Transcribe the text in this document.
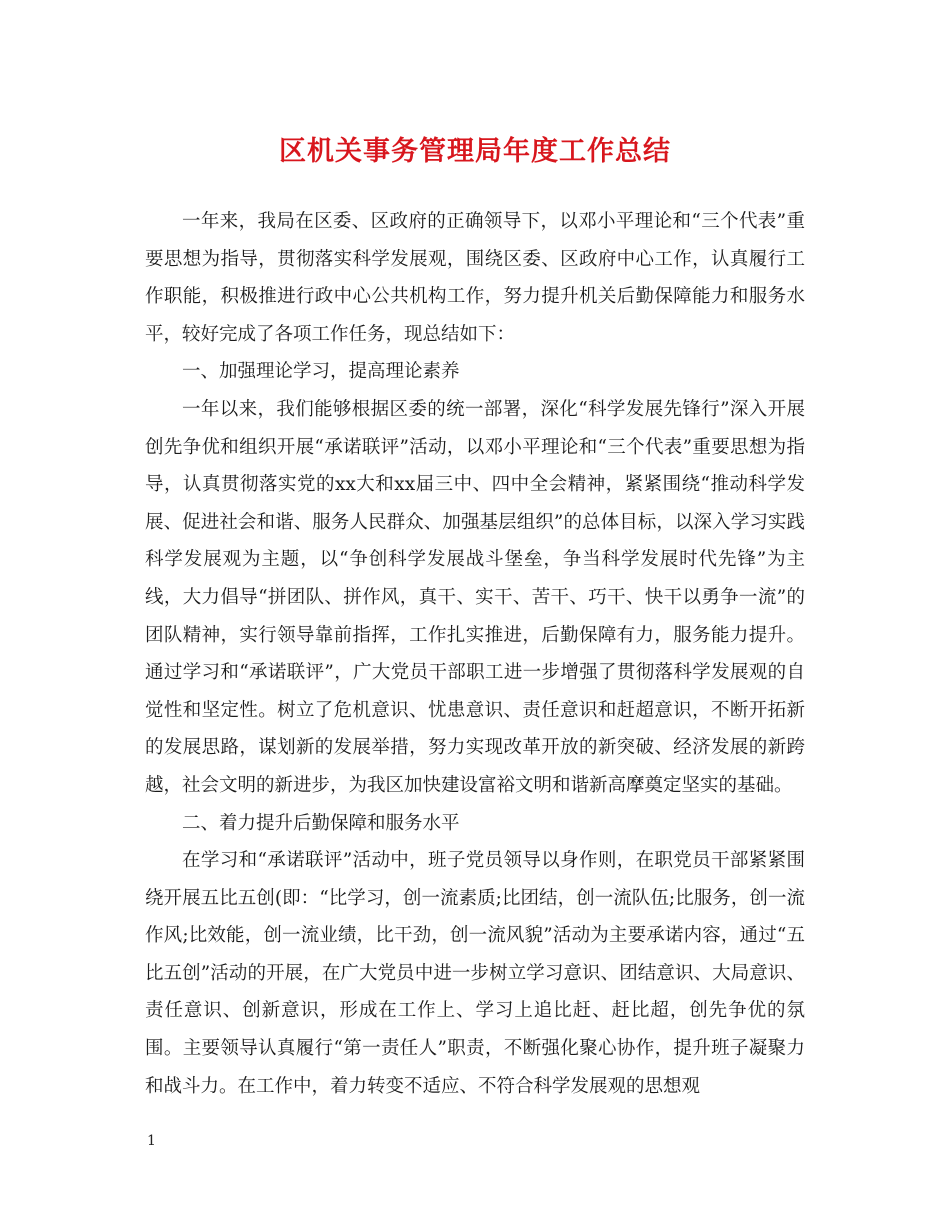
区机关事务管理局年度工作总结

一年来，我局在区委、区政府的正确领导下，以邓小平理论和“三个代表”重要思想为指导，贯彻落实科学发展观，围绕区委、区政府中心工作，认真履行工作职能，积极推进行政中心公共机构工作，努力提升机关后勤保障能力和服务水平，较好完成了各项工作任务，现总结如下：

一、加强理论学习，提高理论素养

一年以来，我们能够根据区委的统一部署，深化“科学发展先锋行”深入开展创先争优和组织开展“承诺联评”活动，以邓小平理论和“三个代表”重要思想为指导，认真贯彻落实党的xx大和xx届三中、四中全会精神，紧紧围绕“推动科学发展、促进社会和谐、服务人民群众、加强基层组织”的总体目标，以深入学习实践科学发展观为主题，以“争创科学发展战斗堡垒，争当科学发展时代先锋”为主线，大力倡导“拼团队、拼作风，真干、实干、苦干、巧干、快干以勇争一流”的团队精神，实行领导靠前指挥，工作扎实推进，后勤保障有力，服务能力提升。通过学习和“承诺联评”，广大党员干部职工进一步增强了贯彻落科学发展观的自觉性和坚定性。树立了危机意识、忧患意识、责任意识和赶超意识，不断开拓新的发展思路，谋划新的发展举措，努力实现改革开放的新突破、经济发展的新跨越，社会文明的新进步，为我区加快建设富裕文明和谐新高摩奠定坚实的基础。

二、着力提升后勤保障和服务水平

在学习和“承诺联评”活动中，班子党员领导以身作则，在职党员干部紧紧围绕开展五比五创(即：“比学习，创一流素质;比团结，创一流队伍;比服务，创一流作风;比效能，创一流业绩，比干劲，创一流风貌”活动为主要承诺内容，通过“五比五创”活动的开展，在广大党员中进一步树立学习意识、团结意识、大局意识、责任意识、创新意识，形成在工作上、学习上追比赶、赶比超，创先争优的氛围。主要领导认真履行“第一责任人”职责，不断强化聚心协作，提升班子凝聚力和战斗力。在工作中，着力转变不适应、不符合科学发展观的思想观

1
